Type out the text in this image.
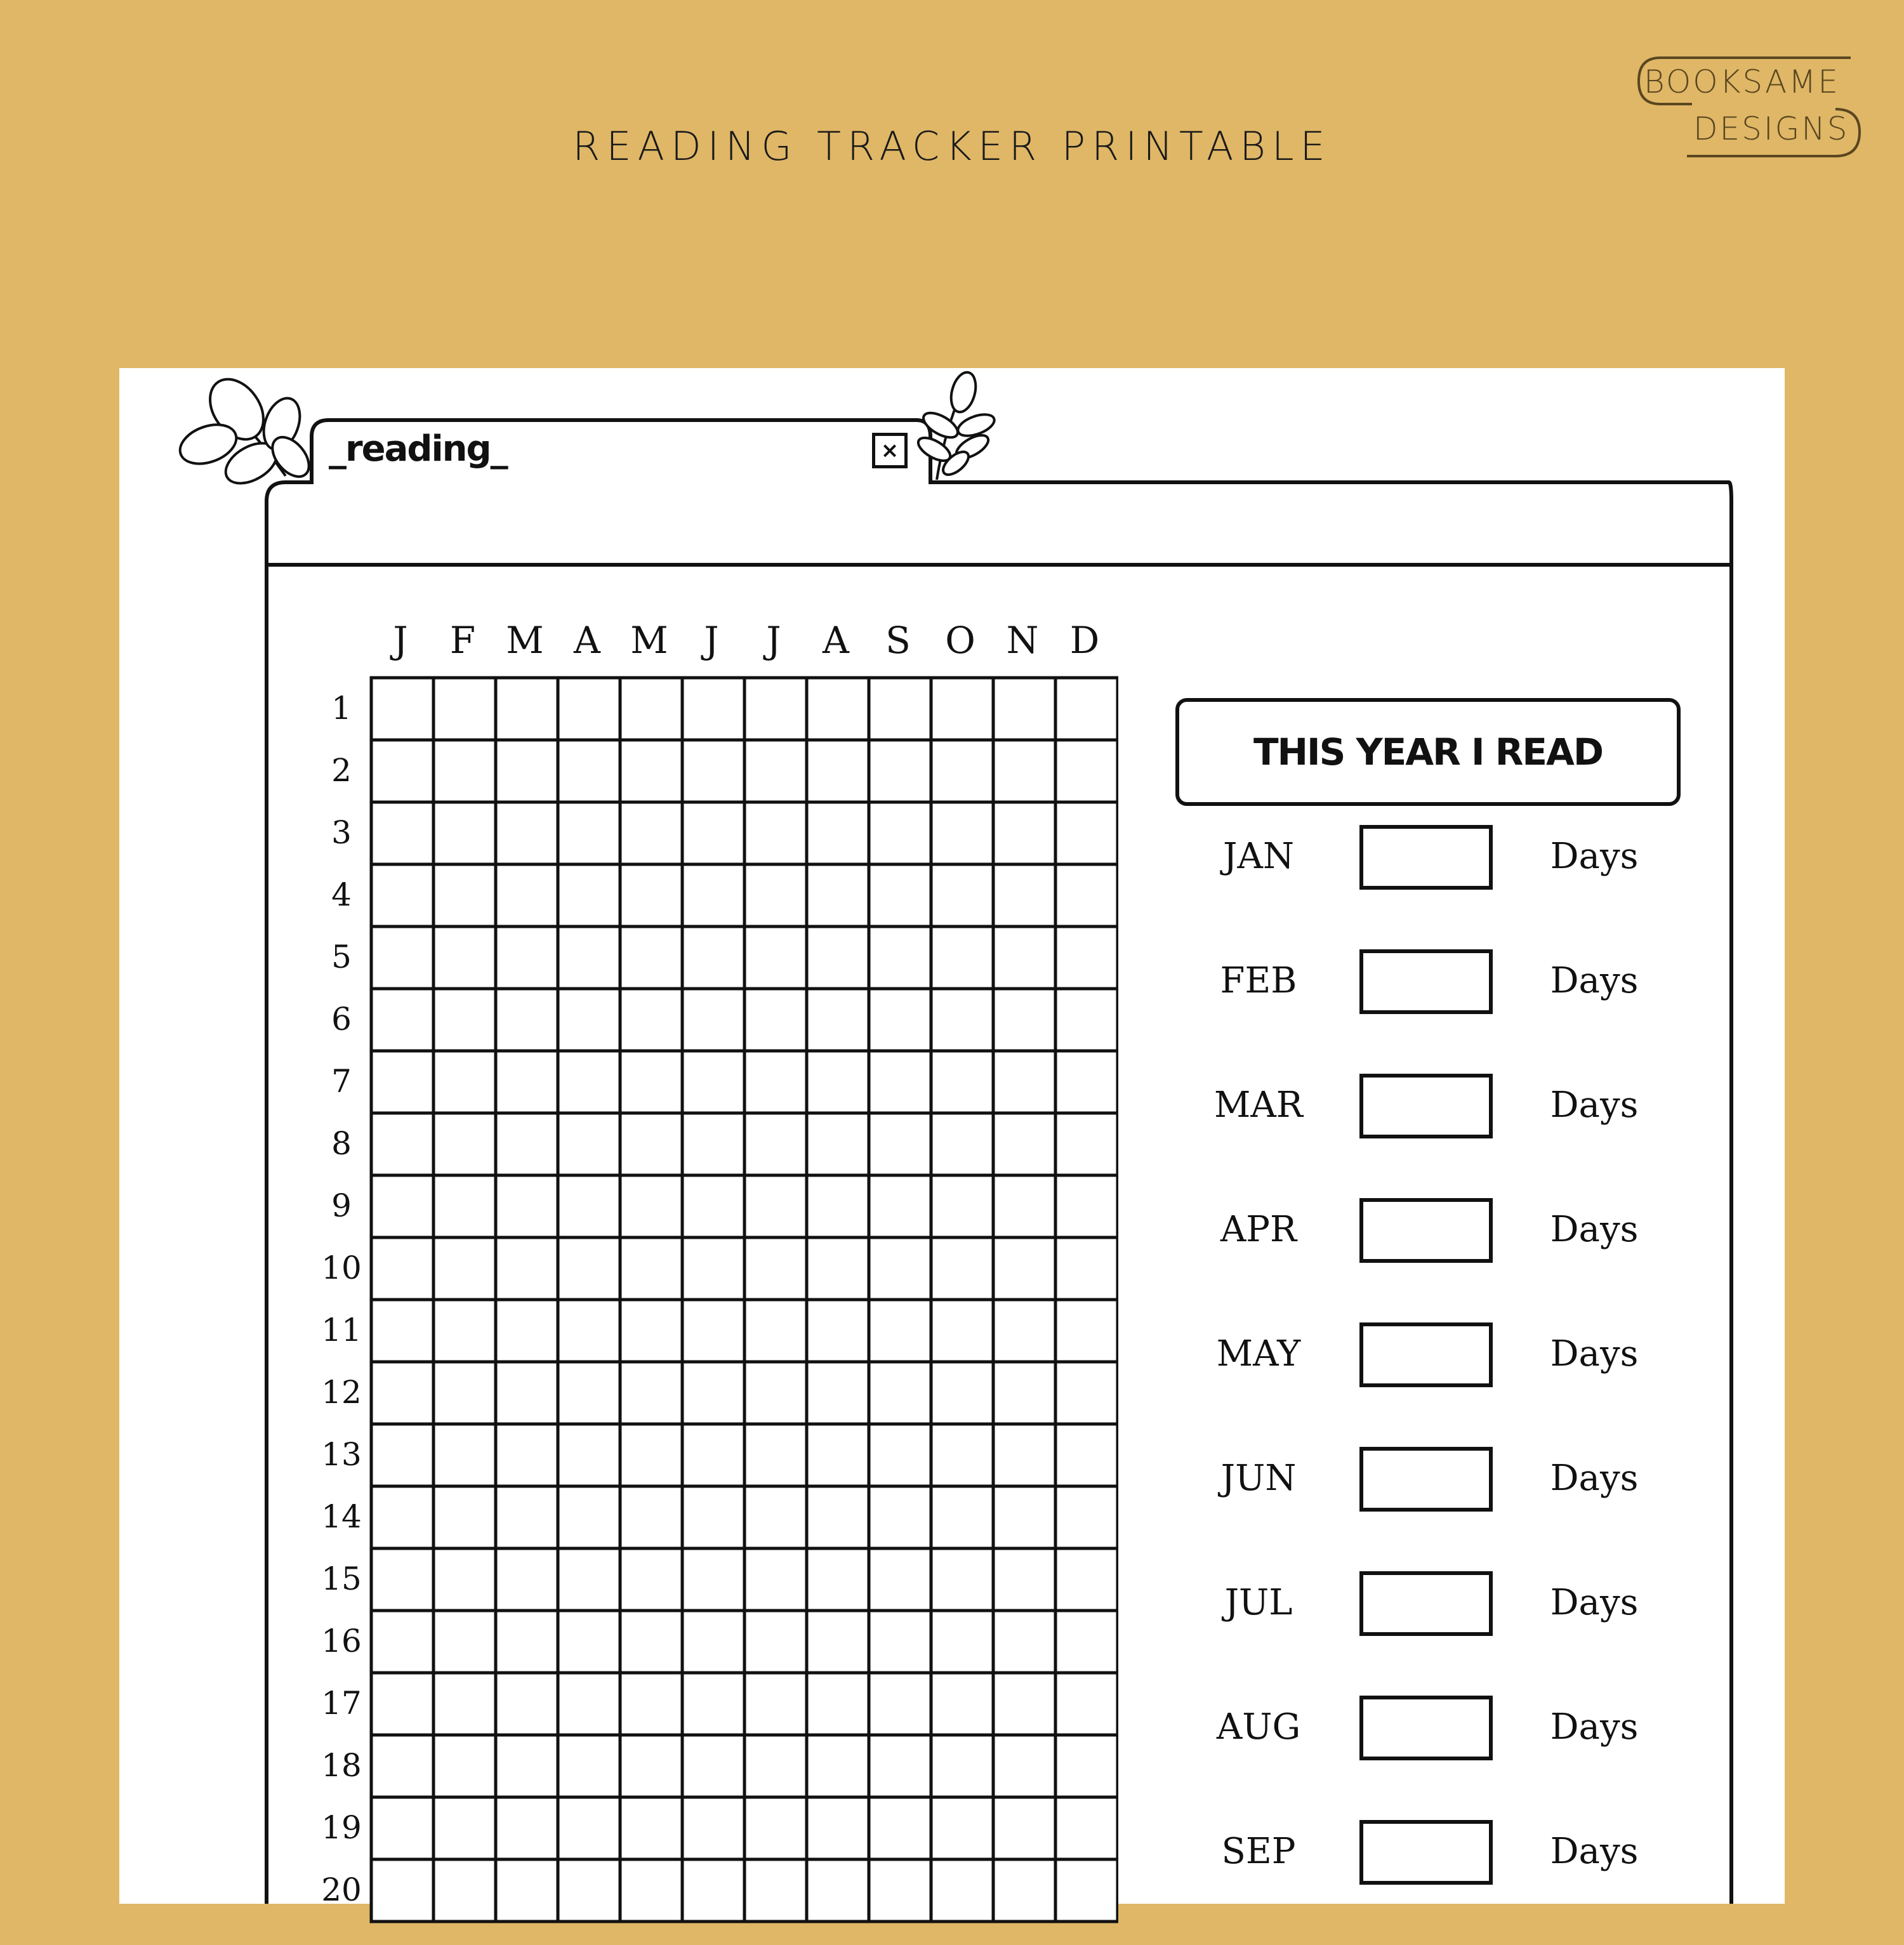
READING TRACKER PRINTABLE
BOOKSAME
DESIGNS
_reading_	×
J	F M A M J	J	A S O N D
1
2
3
4
5
6
7
8
9
10
11
12
13
14
15
16
17
18
19
20
THIS YEAR I READ
JAN	Days
FEB	Days
MAR	Days
APR	Days
MAY	Days
JUN	Days
JUL	Days
AUG	Days
SEP	Days
